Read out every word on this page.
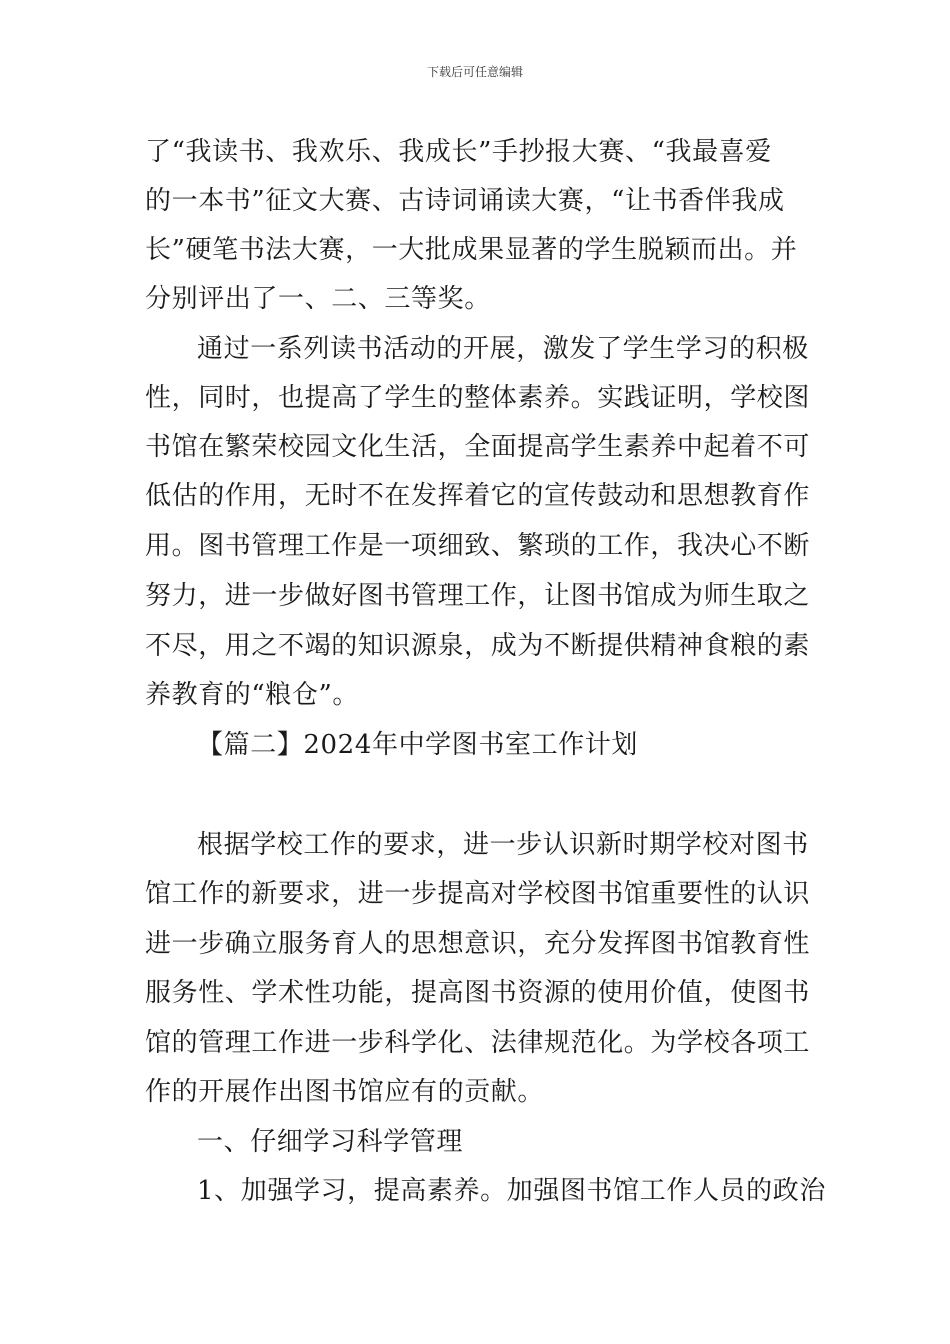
下载后可任意编辑
了“我读书、我欢乐、我成长”手抄报大赛、“我最喜爱
的一本书”征文大赛、古诗词诵读大赛，“让书香伴我成
长”硬笔书法大赛，一大批成果显著的学生脱颖而出。并
分别评出了一、二、三等奖。
通过一系列读书活动的开展，激发了学生学习的积极
性，同时，也提高了学生的整体素养。实践证明，学校图
书馆在繁荣校园文化生活，全面提高学生素养中起着不可
低估的作用，无时不在发挥着它的宣传鼓动和思想教育作
用。图书管理工作是一项细致、繁琐的工作，我决心不断
努力，进一步做好图书管理工作，让图书馆成为师生取之
不尽，用之不竭的知识源泉，成为不断提供精神食粮的素
养教育的“粮仓”。
【篇二】2024年中学图书室工作计划
根据学校工作的要求，进一步认识新时期学校对图书
馆工作的新要求，进一步提高对学校图书馆重要性的认识
进一步确立服务育人的思想意识，充分发挥图书馆教育性
服务性、学术性功能，提高图书资源的使用价值，使图书
馆的管理工作进一步科学化、法律规范化。为学校各项工
作的开展作出图书馆应有的贡献。
一、仔细学习科学管理
1、加强学习，提高素养。加强图书馆工作人员的政治
